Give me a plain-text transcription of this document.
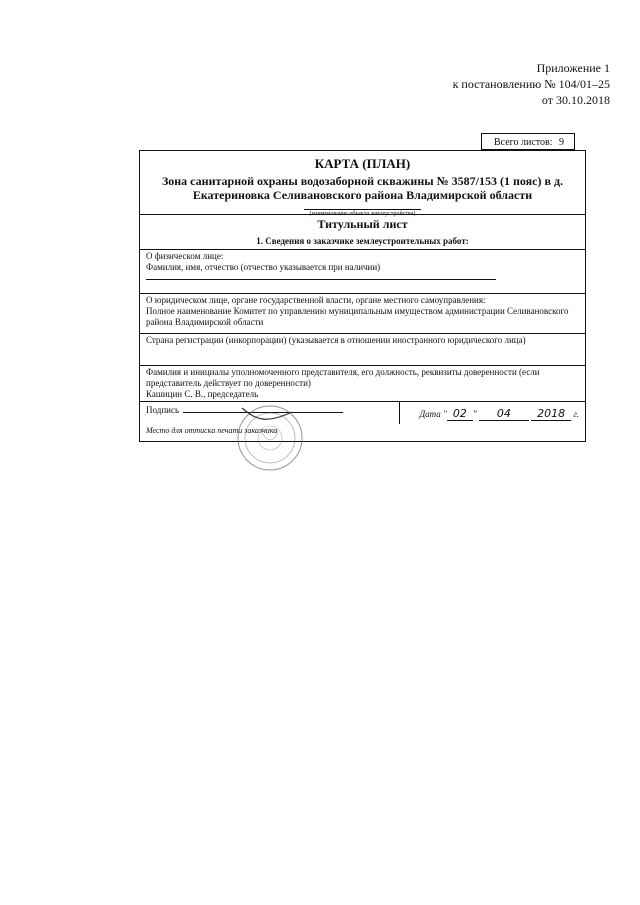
Приложение 1
к постановлению № 104/01–25
от 30.10.2018
Всего листов: 9
КАРТА (ПЛАН)
Зона санитарной охраны водозаборной скважины № 3587/153 (1 пояс) в д. Екатериновка Селивановского района Владимирской области
(наименование объекта землеустройства)
Титульный лист
1. Сведения о заказчике землеустроительных работ:
О физическом лице:
Фамилия, имя, отчество (отчество указывается при наличии)
О юридическом лице, органе государственной власти, органе местного самоуправления:
Полное наименование Комитет по управлению муниципальным имуществом администрации Селивановского района Владимирской области
Страна регистрации (инкорпорации) (указывается в отношении иностранного юридического лица)
Фамилия и инициалы уполномоченного представителя, его должность, реквизиты доверенности (если представитель действует по доверенности)
Кашицин С. В., председатель
Подпись	Дата " 02 " 04 2018 г.
Место для оттиска печати заказчика
